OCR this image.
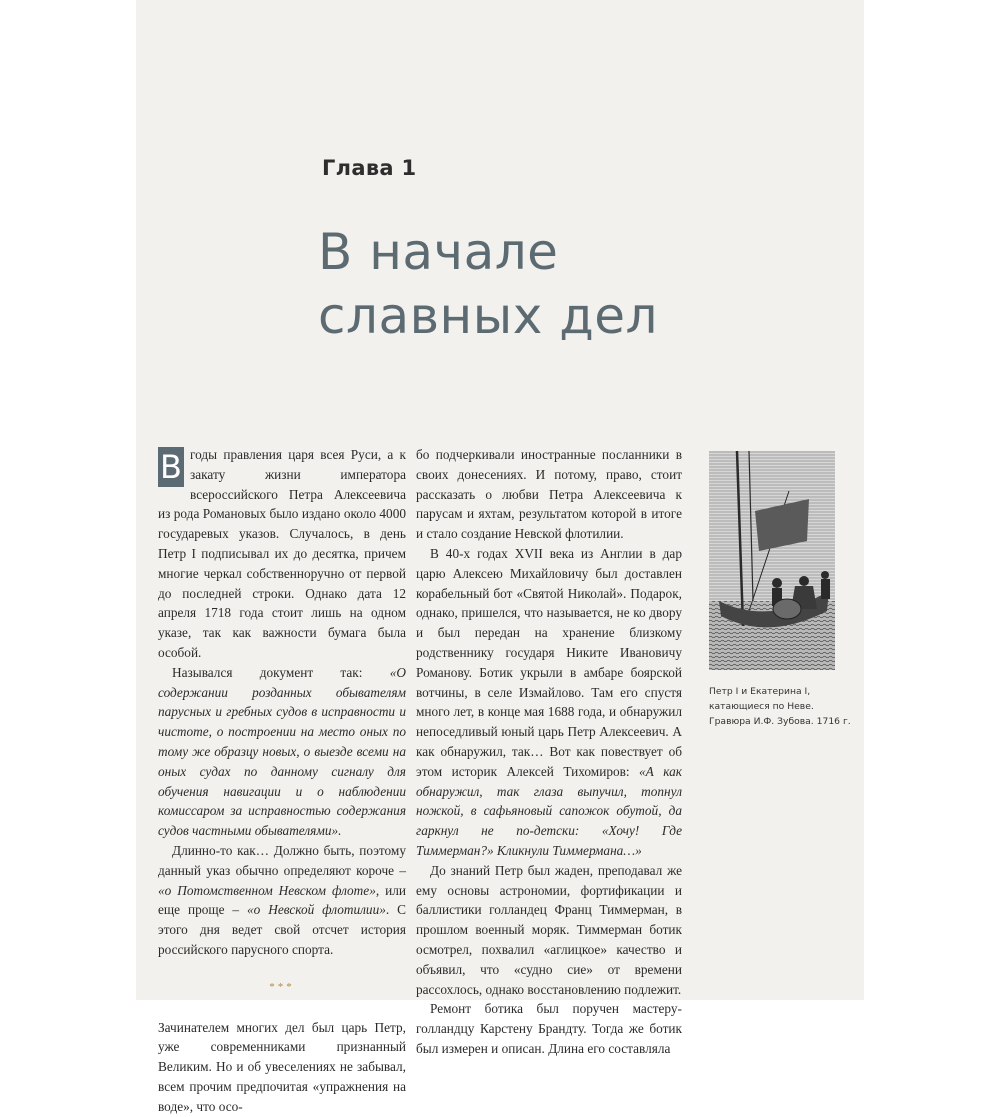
Глава 1
В начале
славных дел

В годы правления царя всея Руси, а к закату жизни императора всероссийского Петра Алексеевича из рода Романовых было издано около 4000 государевых указов. Случалось, в день Петр I подписывал их до десятка, причем многие черкал собственноручно от первой до последней строки. Однако дата 12 апреля 1718 года стоит лишь на одном указе, так как важности бумага была особой.

Назывался документ так: «О содержании розданных обывателям парусных и гребных судов в исправности и чистоте, о построении на место оных по тому же образцу новых, о выезде всеми на оных судах по данному сигналу для обучения навигации и о наблюдении комиссаром за исправностью содержания судов частными обывателями».

Длинно-то как… Должно быть, поэтому данный указ обычно определяют короче – «о Потомственном Невском флоте», или еще проще – «о Невской флотилии». С этого дня ведет свой отсчет история российского парусного спорта.

***

Зачинателем многих дел был царь Петр, уже современниками признанный Великим. Но и об увеселениях не забывал, всем прочим предпочитая «упражнения на воде», что осо-

бо подчеркивали иностранные посланники в своих донесениях. И потому, право, стоит рассказать о любви Петра Алексеевича к парусам и яхтам, результатом которой в итоге и стало создание Невской флотилии.

В 40-х годах XVII века из Англии в дар царю Алексею Михайловичу был доставлен корабельный бот «Святой Николай». Подарок, однако, пришелся, что называется, не ко двору и был передан на хранение близкому родственнику государя Никите Ивановичу Романову. Ботик укрыли в амбаре боярской вотчины, в селе Измайлово. Там его спустя много лет, в конце мая 1688 года, и обнаружил непоседливый юный царь Петр Алексеевич. А как обнаружил, так… Вот как повествует об этом историк Алексей Тихомиров: «А как обнаружил, так глаза выпучил, топнул ножкой, в сафьяновый сапожок обутой, да гаркнул не по-детски: «Хочу! Где Тиммерман?» Кликнули Тиммермана…»

До знаний Петр был жаден, преподавал же ему основы астрономии, фортификации и баллистики голландец Франц Тиммерман, в прошлом военный моряк. Тиммерман ботик осмотрел, похвалил «аглицкое» качество и объявил, что «судно сие» от времени рассохлось, однако восстановлению подлежит.

Ремонт ботика был поручен мастеру-голландцу Карстену Брандту. Тогда же ботик был измерен и описан. Длина его составляла

Петр I и Екатерина I,
катающиеся по Неве.
Гравюра И.Ф. Зубова. 1716 г.
